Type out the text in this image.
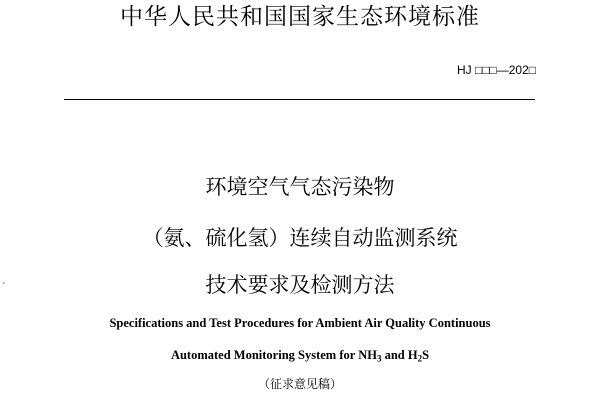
中华人民共和国国家生态环境标准
HJ □□□—202□
环境空气气态污染物
（氨、硫化氢）连续自动监测系统
技术要求及检测方法
Specifications and Test Procedures for Ambient Air Quality Continuous
Automated Monitoring System for $NH_3$ and $H_2S$
（征求意见稿）
·
